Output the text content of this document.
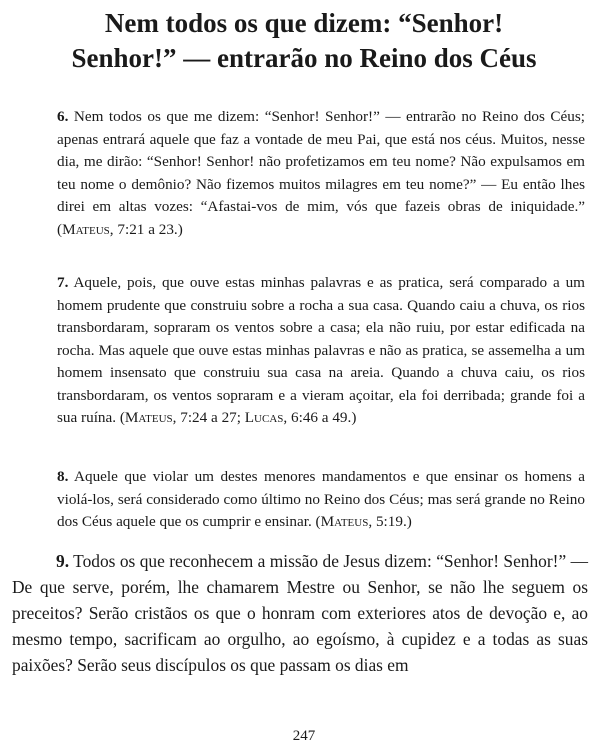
Nem todos os que dizem: “Senhor!
Senhor!” — entrarão no Reino dos Céus

6. Nem todos os que me dizem: “Senhor! Senhor!” — entrarão no Reino dos Céus; apenas entrará aquele que faz a vontade de meu Pai, que está nos céus. Muitos, nesse dia, me dirão: “Senhor! Senhor! não profetizamos em teu nome? Não expulsamos em teu nome o demônio? Não fizemos muitos milagres em teu nome?” — Eu então lhes direi em altas vozes: “Afastai-vos de mim, vós que fazeis obras de iniquidade.” (Mateus, 7:21 a 23.)

7. Aquele, pois, que ouve estas minhas palavras e as pratica, será comparado a um homem prudente que construiu sobre a rocha a sua casa. Quando caiu a chuva, os rios transbordaram, sopraram os ventos sobre a casa; ela não ruiu, por estar edificada na rocha. Mas aquele que ouve estas minhas palavras e não as pratica, se assemelha a um homem insensato que construiu sua casa na areia. Quando a chuva caiu, os rios transbordaram, os ventos sopraram e a vieram açoitar, ela foi derribada; grande foi a sua ruína. (Mateus, 7:24 a 27; Lucas, 6:46 a 49.)

8. Aquele que violar um destes menores mandamentos e que ensinar os homens a violá-los, será considerado como último no Reino dos Céus; mas será grande no Reino dos Céus aquele que os cumprir e ensinar. (Mateus, 5:19.)

9. Todos os que reconhecem a missão de Jesus dizem: “Senhor! Senhor!” — De que serve, porém, lhe chamarem Mestre ou Senhor, se não lhe seguem os preceitos? Serão cristãos os que o honram com exteriores atos de devoção e, ao mesmo tempo, sacrificam ao orgulho, ao egoísmo, à cupidez e a todas as suas paixões? Serão seus discípulos os que passam os dias em

247
